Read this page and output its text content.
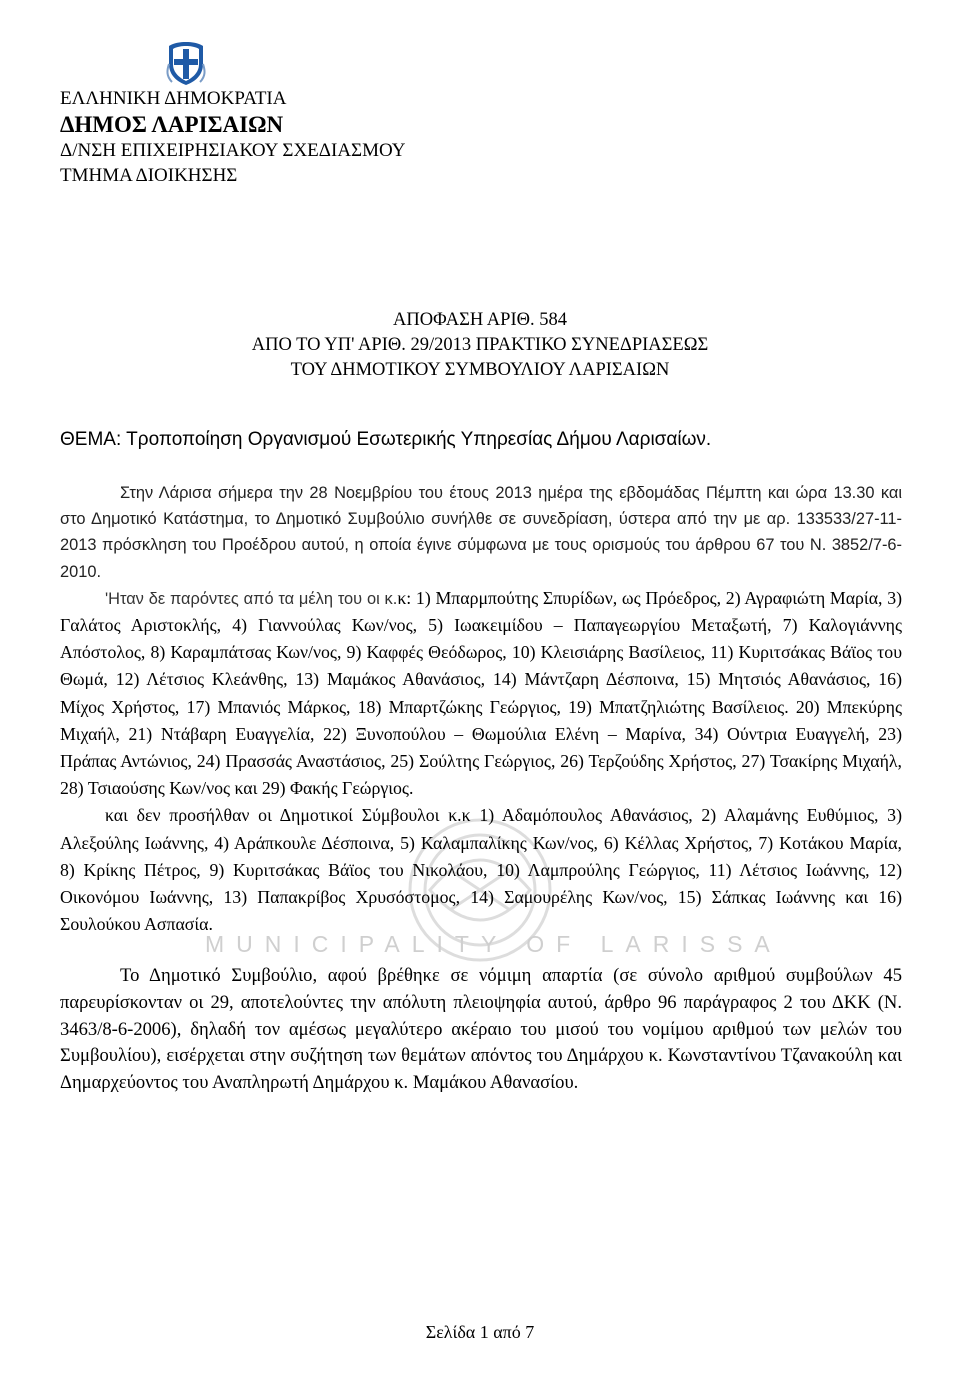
ΕΛΛΗΝΙΚΗ ΔΗΜΟΚΡΑΤΙΑ
ΔΗΜΟΣ ΛΑΡΙΣΑΙΩΝ
Δ/ΝΣΗ ΕΠΙΧΕΙΡΗΣΙΑΚΟΥ ΣΧΕΔΙΑΣΜΟΥ
ΤΜΗΜΑ ΔΙΟΙΚΗΣΗΣ
ΑΠΟΦΑΣΗ ΑΡΙΘ. 584
ΑΠΟ ΤΟ ΥΠ' ΑΡΙΘ. 29/2013 ΠΡΑΚΤΙΚΟ ΣΥΝΕΔΡΙΑΣΕΩΣ
ΤΟΥ ΔΗΜΟΤΙΚΟΥ ΣΥΜΒΟΥΛΙΟΥ ΛΑΡΙΣΑΙΩΝ
ΘΕΜΑ: Τροποποίηση Οργανισμού Εσωτερικής Υπηρεσίας Δήμου Λαρισαίων.
MUNICIPALITY OF LARISSA

Στην Λάρισα σήμερα την 28 Νοεμβρίου του έτους 2013 ημέρα της εβδομάδας Πέμπτη και ώρα 13.30 και στο Δημοτικό Κατάστημα, το Δημοτικό Συμβούλιο συνήλθε σε συνεδρίαση, ύστερα από την με αρ. 133533/27-11-2013 πρόσκληση του Προέδρου αυτού, η οποία έγινε σύμφωνα με τους ορισμούς του άρθρου 67 του Ν. 3852/7-6-2010.

'Ηταν δε παρόντες από τα μέλη του οι κ.κ: 1) Μπαρμπούτης Σπυρίδων, ως Πρόεδρος, 2) Αγραφιώτη Μαρία, 3) Γαλάτος Αριστοκλής, 4) Γιαννούλας Κων/νος, 5) Ιωακειμίδου – Παπαγεωργίου Μεταξωτή, 7) Καλογιάννης Απόστολος, 8) Καραμπάτσας Κων/νος, 9) Καφφές Θεόδωρος, 10) Κλεισιάρης Βασίλειος, 11) Κυριτσάκας Βάϊος του Θωμά, 12) Λέτσιος Κλεάνθης, 13) Μαμάκος Αθανάσιος, 14) Μάντζαρη Δέσποινα, 15) Μητσιός Αθανάσιος, 16) Μίχος Χρήστος, 17) Μπανιός Μάρκος, 18) Μπαρτζώκης Γεώργιος, 19) Μπατζηλιώτης Βασίλειος. 20) Μπεκύρης Μιχαήλ, 21) Ντάβαρη Ευαγγελία, 22) Ξυνοπούλου – Θωμούλια Ελένη – Μαρίνα, 34) Ούντρια Ευαγγελή, 23) Πράπας Αντώνιος, 24) Πρασσάς Αναστάσιος, 25) Σούλτης Γεώργιος, 26) Τερζούδης Χρήστος, 27) Τσακίρης Μιχαήλ, 28) Τσιαούσης Κων/νος και 29) Φακής Γεώργιος.

και δεν προσήλθαν οι Δημοτικοί Σύμβουλοι κ.κ 1) Αδαμόπουλος Αθανάσιος, 2) Αλαμάνης Ευθύμιος, 3) Αλεξούλης Ιωάννης, 4) Αράπκουλε Δέσποινα, 5) Καλαμπαλίκης Κων/νος, 6) Κέλλας Χρήστος, 7) Κοτάκου Μαρία, 8) Κρίκης Πέτρος, 9) Κυριτσάκας Βάϊος του Νικολάου, 10) Λαμπρούλης Γεώργιος, 11) Λέτσιος Ιωάννης, 12) Οικονόμου Ιωάννης, 13) Παπακρίβος Χρυσόστομος, 14) Σαμουρέλης Κων/νος, 15) Σάπκας Ιωάννης και 16) Σουλούκου Ασπασία.

Το Δημοτικό Συμβούλιο, αφού βρέθηκε σε νόμιμη απαρτία (σε σύνολο αριθμού συμβούλων 45 παρευρίσκονταν οι 29, αποτελούντες την απόλυτη πλειοψηφία αυτού, άρθρο 96 παράγραφος 2 του ΔΚΚ (Ν. 3463/8-6-2006), δηλαδή τον αμέσως μεγαλύτερο ακέραιο του μισού του νομίμου αριθμού των μελών του Συμβουλίου), εισέρχεται στην συζήτηση των θεμάτων απόντος του Δημάρχου κ. Κωνσταντίνου Τζανακούλη και Δημαρχεύοντος του Αναπληρωτή Δημάρχου κ. Μαμάκου Αθανασίου.

Σελίδα 1 από 7
